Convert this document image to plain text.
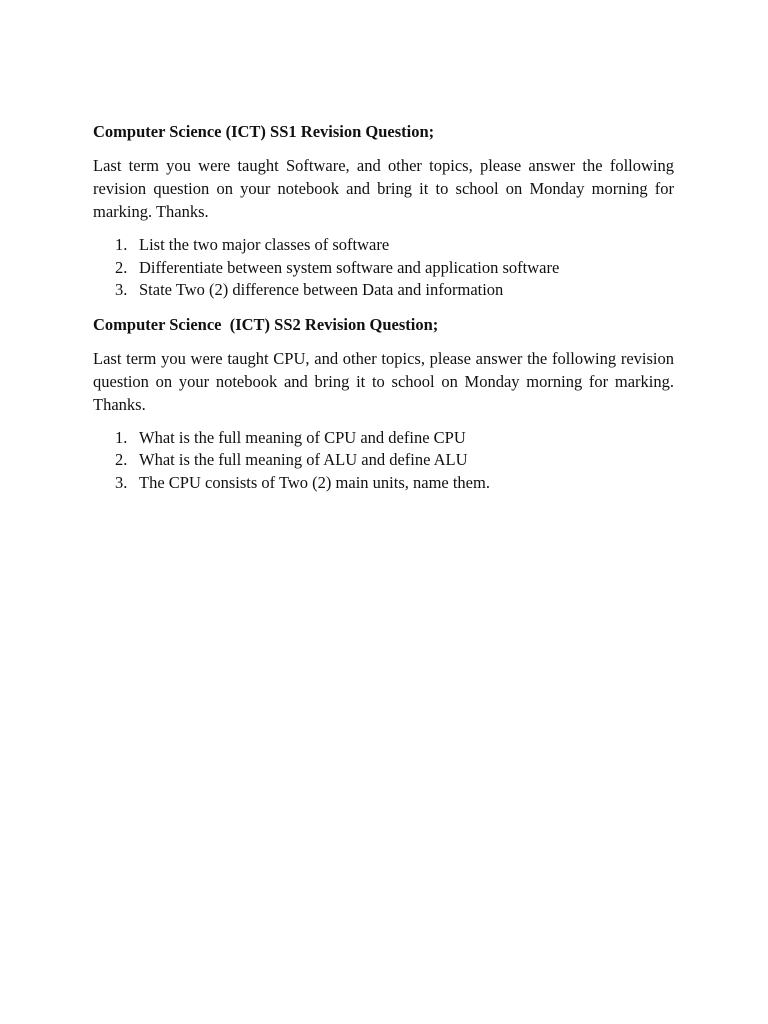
Computer Science (ICT) SS1 Revision Question;

Last term you were taught Software, and other topics, please answer the following revision question on your notebook and bring it to school on Monday morning for marking. Thanks.

1. List the two major classes of software
2. Differentiate between system software and application software
3. State Two (2) difference between Data and information

Computer Science  (ICT) SS2 Revision Question;

Last term you were taught CPU, and other topics, please answer the following revision question on your notebook and bring it to school on Monday morning for marking. Thanks.

1. What is the full meaning of CPU and define CPU
2. What is the full meaning of ALU and define ALU
3. The CPU consists of Two (2) main units, name them.
